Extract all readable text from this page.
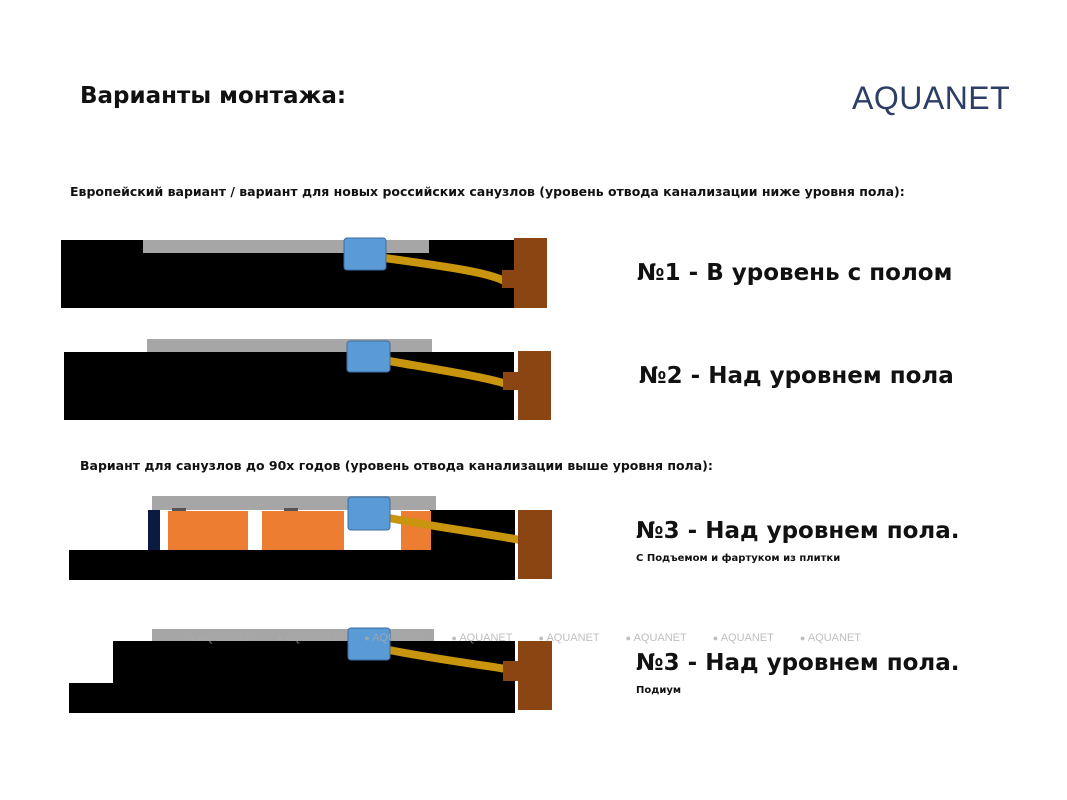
Варианты монтажа:	AQUANET
Европейский вариант / вариант для новых российских санузлов (уровень отвода канализации ниже уровня пола):
Вариант для санузлов до 90х годов (уровень отвода канализации выше уровня пола):
● AQUANET	● AQUANET	● AQUANET	● AQUANET	● AQUANET	● AQUANET	● AQUANET	● AQUANET
№1 - В уровень с полом
№2 - Над уровнем пола
№3 - Над уровнем пола.
С Подъемом и фартуком из плитки
№3 - Над уровнем пола.
Подиум
